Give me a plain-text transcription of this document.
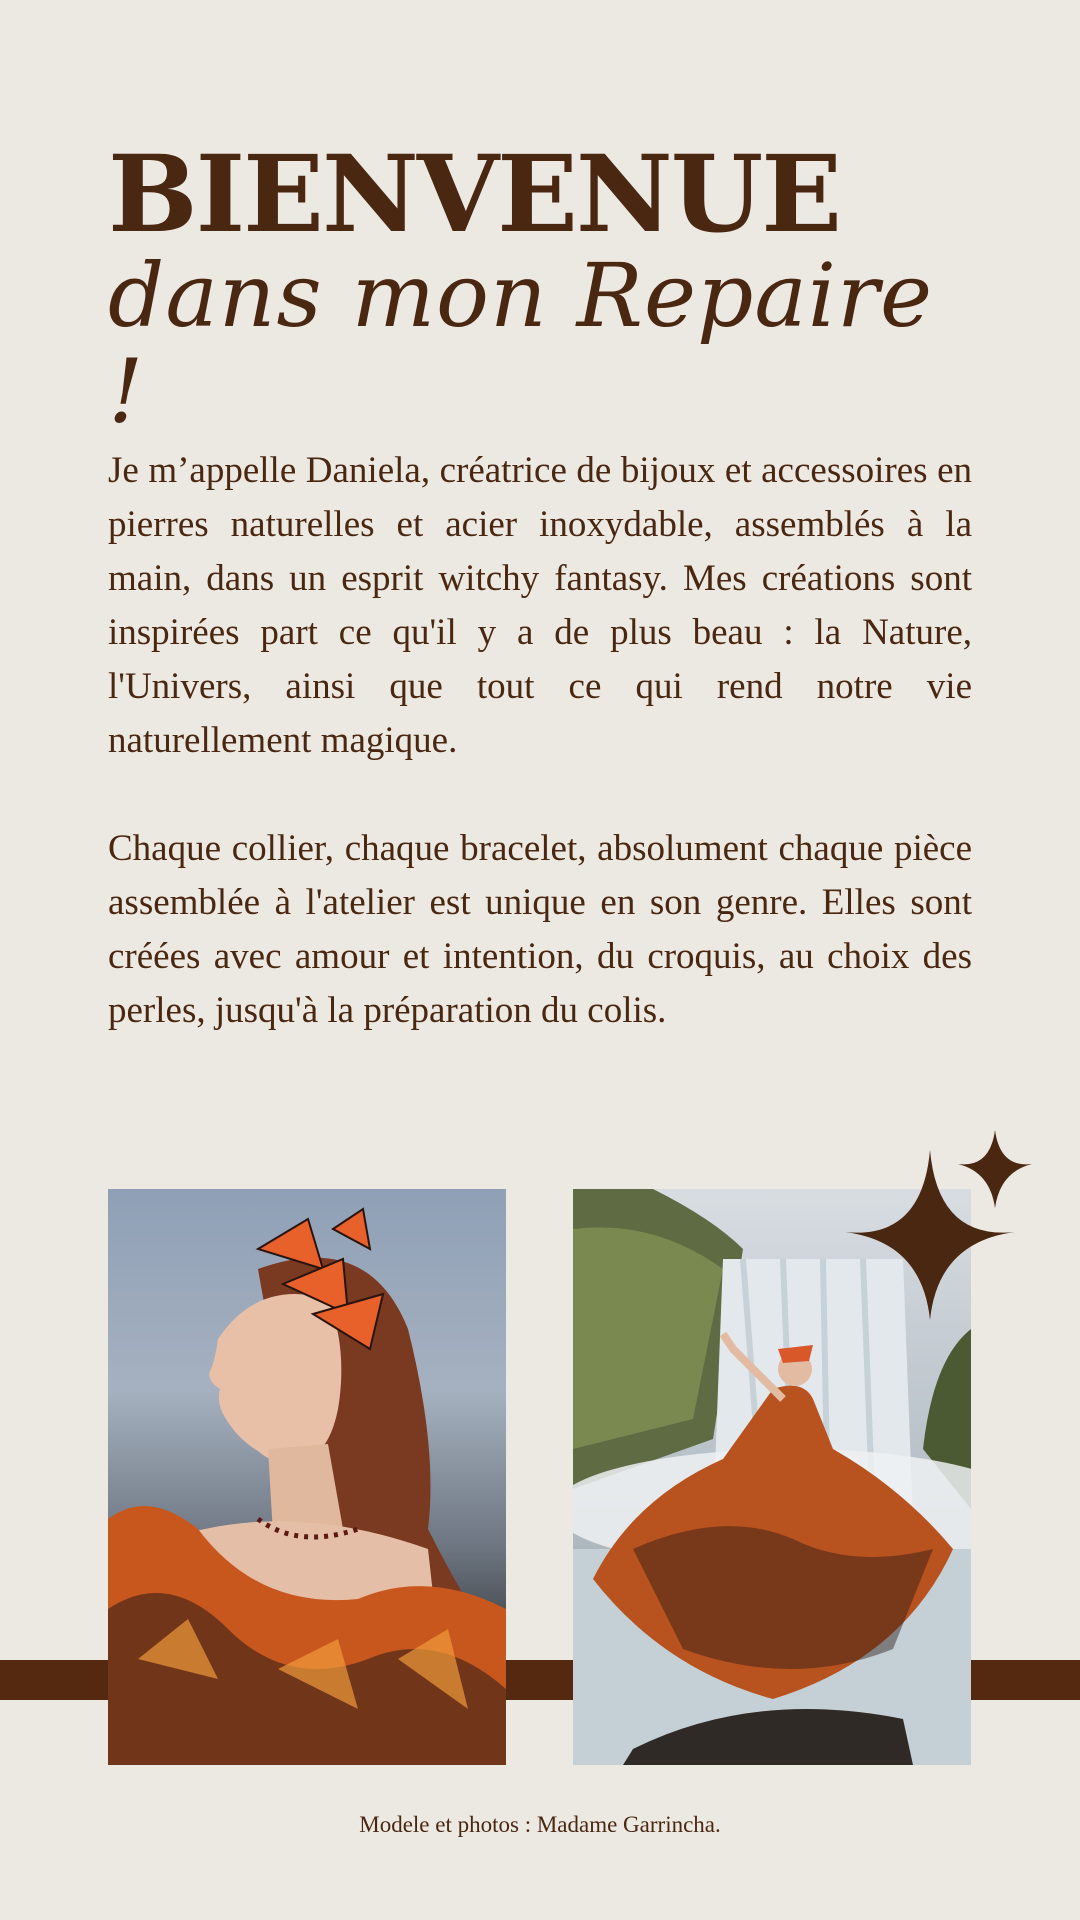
BIENVENUE
dans mon Repaire !

Je m’appelle Daniela, créatrice de bijoux et accessoires en pierres naturelles et acier inoxydable, assemblés à la main, dans un esprit witchy fantasy. Mes créations sont inspirées part ce qu'il y a de plus beau : la Nature, l'Univers, ainsi que tout ce qui rend notre vie naturellement magique.

Chaque collier, chaque bracelet, absolument chaque pièce assemblée à l'atelier est unique en son genre. Elles sont créées avec amour et intention, du croquis, au choix des perles, jusqu'à la préparation du colis.

Modele et photos : Madame Garrincha.
